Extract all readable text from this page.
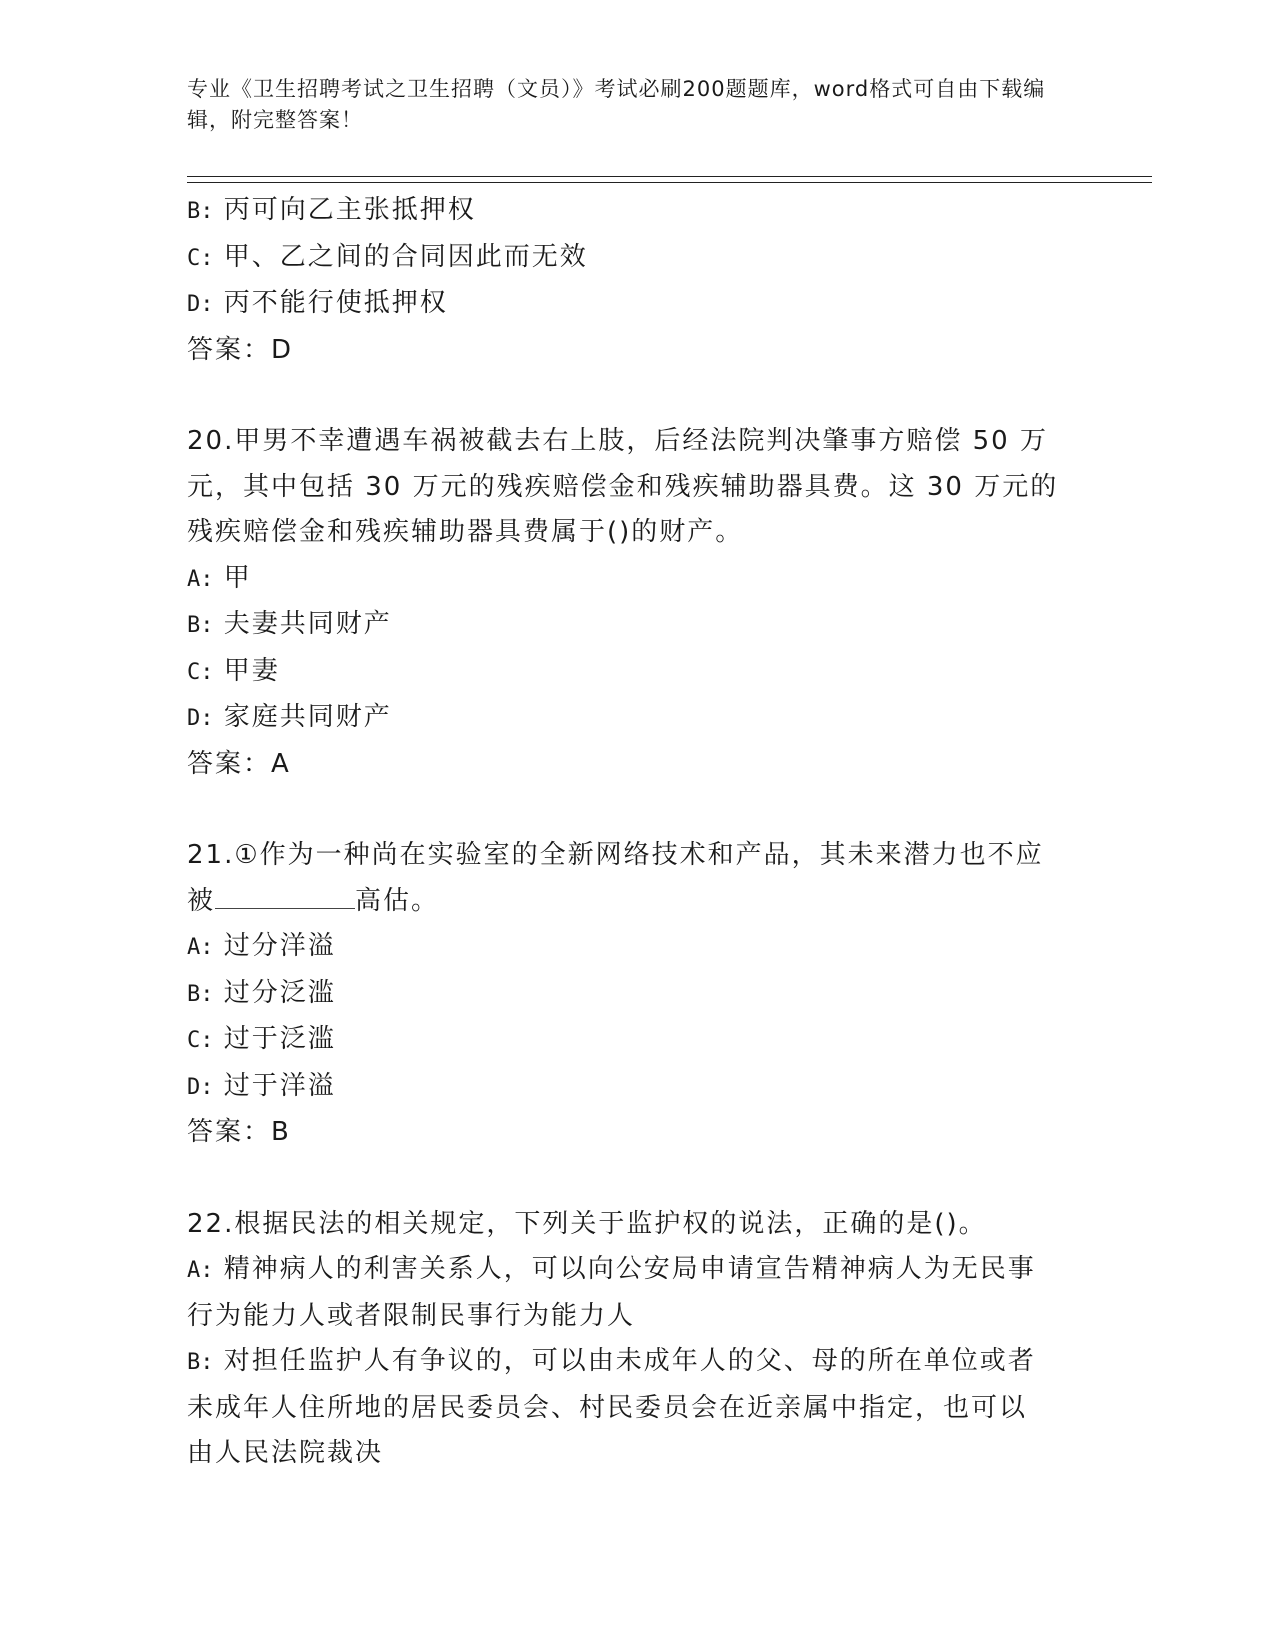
专业《卫生招聘考试之卫生招聘（文员）》考试必刷200题题库，word格式可自由下载编辑，附完整答案！
B: 丙可向乙主张抵押权
C: 甲、乙之间的合同因此而无效
D: 丙不能行使抵押权
答案：D
20.甲男不幸遭遇车祸被截去右上肢，后经法院判决肇事方赔偿 50 万
元，其中包括 30 万元的残疾赔偿金和残疾辅助器具费。这 30 万元的
残疾赔偿金和残疾辅助器具费属于()的财产。
A: 甲
B: 夫妻共同财产
C: 甲妻
D: 家庭共同财产
答案：A
21.①作为一种尚在实验室的全新网络技术和产品，其未来潜力也不应
被	高估。
A: 过分洋溢
B: 过分泛滥
C: 过于泛滥
D: 过于洋溢
答案：B
22.根据民法的相关规定，下列关于监护权的说法，正确的是()。
A: 精神病人的利害关系人，可以向公安局申请宣告精神病人为无民事
行为能力人或者限制民事行为能力人
B: 对担任监护人有争议的，可以由未成年人的父、母的所在单位或者
未成年人住所地的居民委员会、村民委员会在近亲属中指定，也可以
由人民法院裁决
